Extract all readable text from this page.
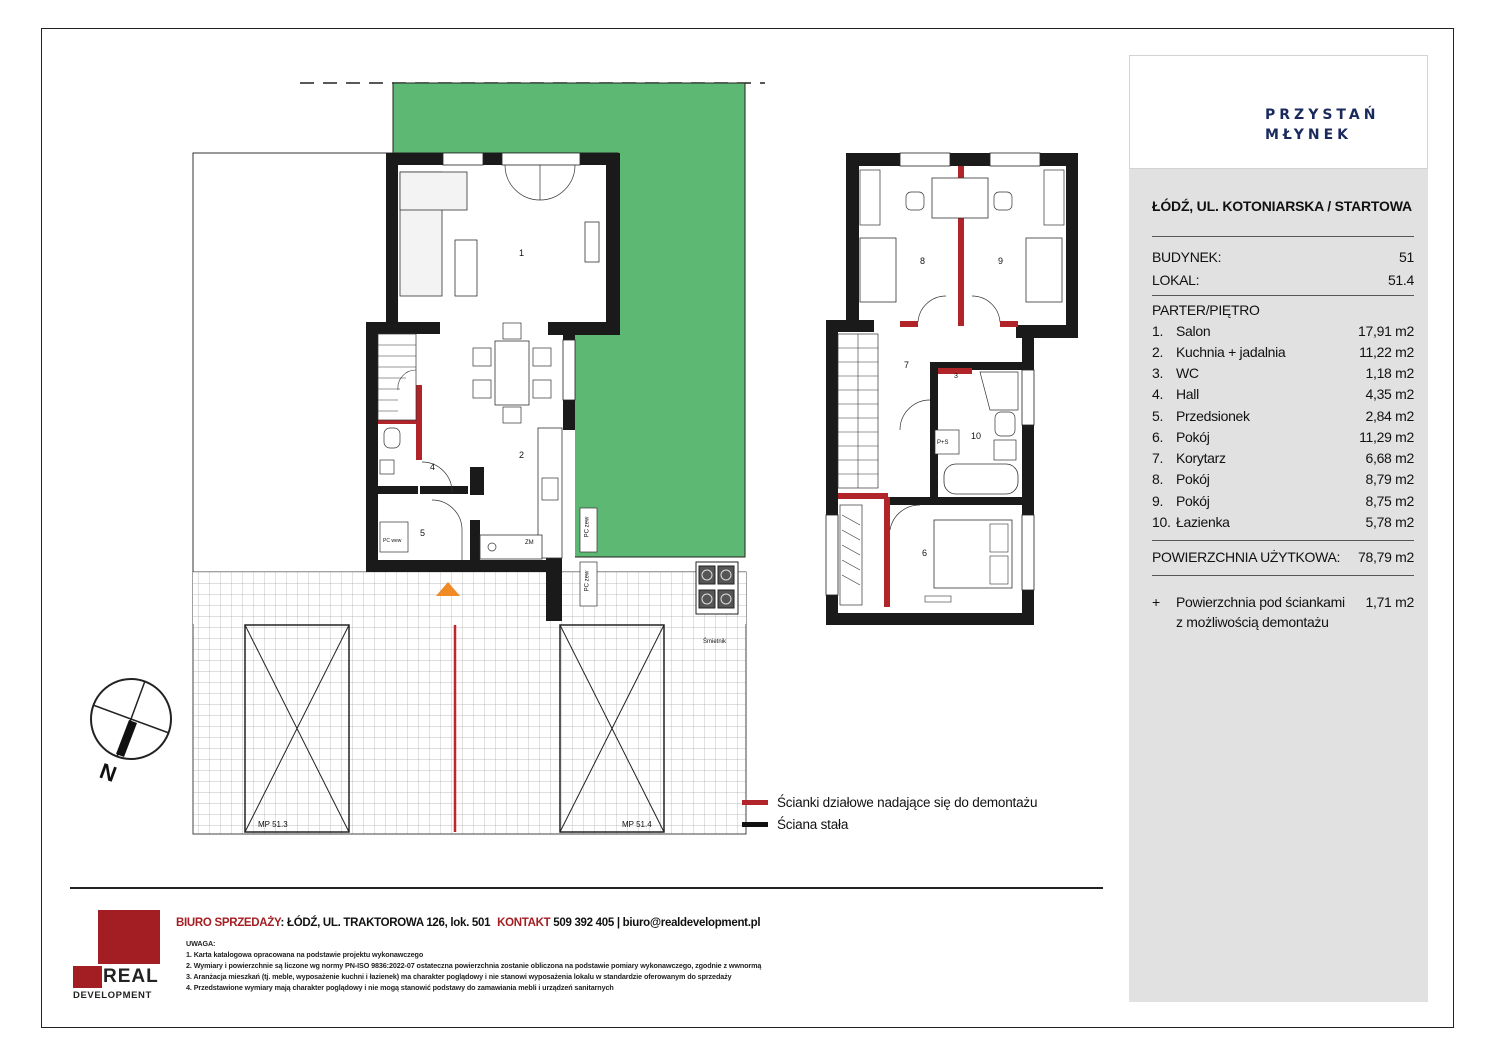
1
2
4
5
6
7
8	9
10
3
P+S
ZM
PC wew
PC zew
PC zew
Śmietnik
MP 51.3	MP 51.4
N
Ścianki działowe nadające się do demontażu
Ściana stała
BIURO SPRZEDAŻY: ŁÓDŹ, UL. TRAKTOROWA 126, lok. 501 KONTAKT 509 392 405 | biuro@realdevelopment.pl
UWAGA:
1. Karta katalogowa opracowana na podstawie projektu wykonawczego
2. Wymiary i powierzchnie są liczone wg normy PN-ISO 9836:2022-07 ostateczna powierzchnia zostanie obliczona na podstawie pomiary wykonawczego, zgodnie z wwnormą
3. Aranżacja mieszkań (tj. meble, wyposażenie kuchni i łazienek) ma charakter poglądowy i nie stanowi wyposażenia lokalu w standardzie oferowanym do sprzedaży
4. Przedstawione wymiary mają charakter poglądowy i nie mogą stanowić podstawy do zamawiania mebli i urządzeń sanitarnych
REAL
DEVELOPMENT
PRZYSTAŃ
MŁYNEK
ŁÓDŹ, UL. KOTONIARSKA / STARTOWA
BUDYNEK:	51
LOKAL:	51.4
PARTER/PIĘTRO
1. Salon	17,91 m2
2. Kuchnia + jadalnia	11,22 m2
3. WC	1,18 m2
4. Hall	4,35 m2
5. Przedsionek	2,84 m2
6. Pokój	11,29 m2
7. Korytarz	6,68 m2
8. Pokój	8,79 m2
9. Pokój	8,75 m2
10. Łazienka	5,78 m2
POWIERZCHNIA UŻYTKOWA: 78,79 m2
+ Powierzchnia pod ściankami 1,71 m2
z możliwością demontażu
